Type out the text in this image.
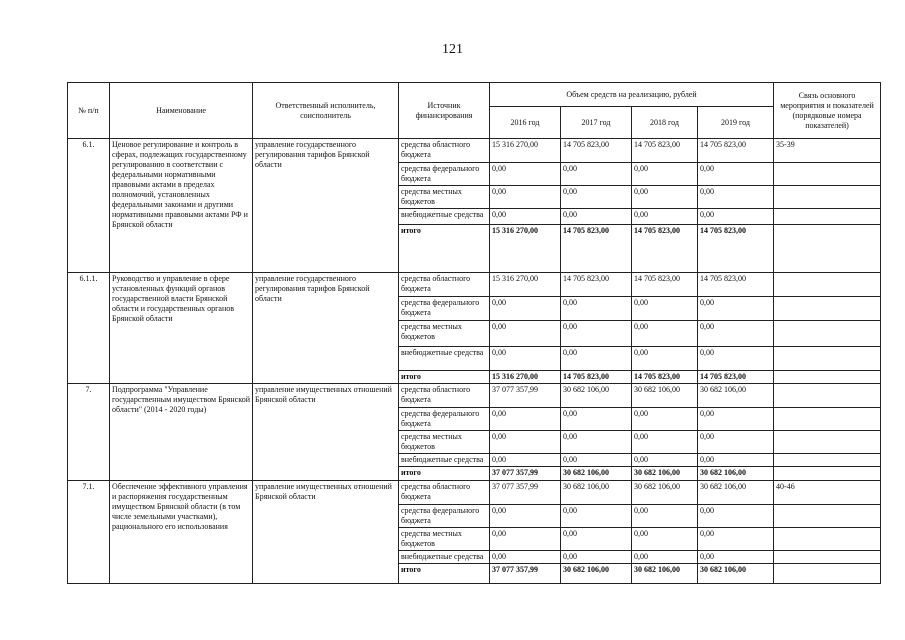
121
№ п/п	Наименование	Ответственный исполнитель, соисполнитель	Источник финансирования	Объем средств на реализацию, рублей				Связь основного мероприятия и показателей (порядковые номера показателей)
				2016 год	2017 год	2018 год	2019 год	
6.1.	Ценовое регулирование и контроль в сферах, подлежащих государственному регулированию в соответствии с федеральными нормативными правовыми актами в пределах полномочий, установленных федеральными законами и другими нормативными правовыми актами РФ и Брянской области	управление государственного регулирования тарифов Брянской области	средства областного бюджета	15 316 270,00	14 705 823,00	14 705 823,00	14 705 823,00	35-39
			средства федерального бюджета	0,00	0,00	0,00	0,00	
			средства местных бюджетов	0,00	0,00	0,00	0,00	
			внебюджетные средства	0,00	0,00	0,00	0,00	
			итого	15 316 270,00	14 705 823,00	14 705 823,00	14 705 823,00	
6.1.1.	Руководство и управление в сфере установленных функций органов государственной власти Брянской области и государственных органов Брянской области	управление государственного регулирования тарифов Брянской области	средства областного бюджета	15 316 270,00	14 705 823,00	14 705 823,00	14 705 823,00	
			средства федерального бюджета	0,00	0,00	0,00	0,00	
			средства местных бюджетов	0,00	0,00	0,00	0,00	
			внебюджетные средства	0,00	0,00	0,00	0,00	
			итого	15 316 270,00	14 705 823,00	14 705 823,00	14 705 823,00	
7.	Подпрограмма "Управление государственным имуществом Брянской области" (2014 - 2020 годы)	управление имущественных отношений Брянской области	средства областного бюджета	37 077 357,99	30 682 106,00	30 682 106,00	30 682 106,00	
			средства федерального бюджета	0,00	0,00	0,00	0,00	
			средства местных бюджетов	0,00	0,00	0,00	0,00	
			внебюджетные средства	0,00	0,00	0,00	0,00	
			итого	37 077 357,99	30 682 106,00	30 682 106,00	30 682 106,00	
7.1.	Обеспечение эффективного управления и распоряжения государственным имуществом Брянской области (в том числе земельными участками), рационального его использования	управление имущественных отношений Брянской области	средства областного бюджета	37 077 357,99	30 682 106,00	30 682 106,00	30 682 106,00	40-46
			средства федерального бюджета	0,00	0,00	0,00	0,00	
			средства местных бюджетов	0,00	0,00	0,00	0,00	
			внебюджетные средства	0,00	0,00	0,00	0,00	
			итого	37 077 357,99	30 682 106,00	30 682 106,00	30 682 106,00	
